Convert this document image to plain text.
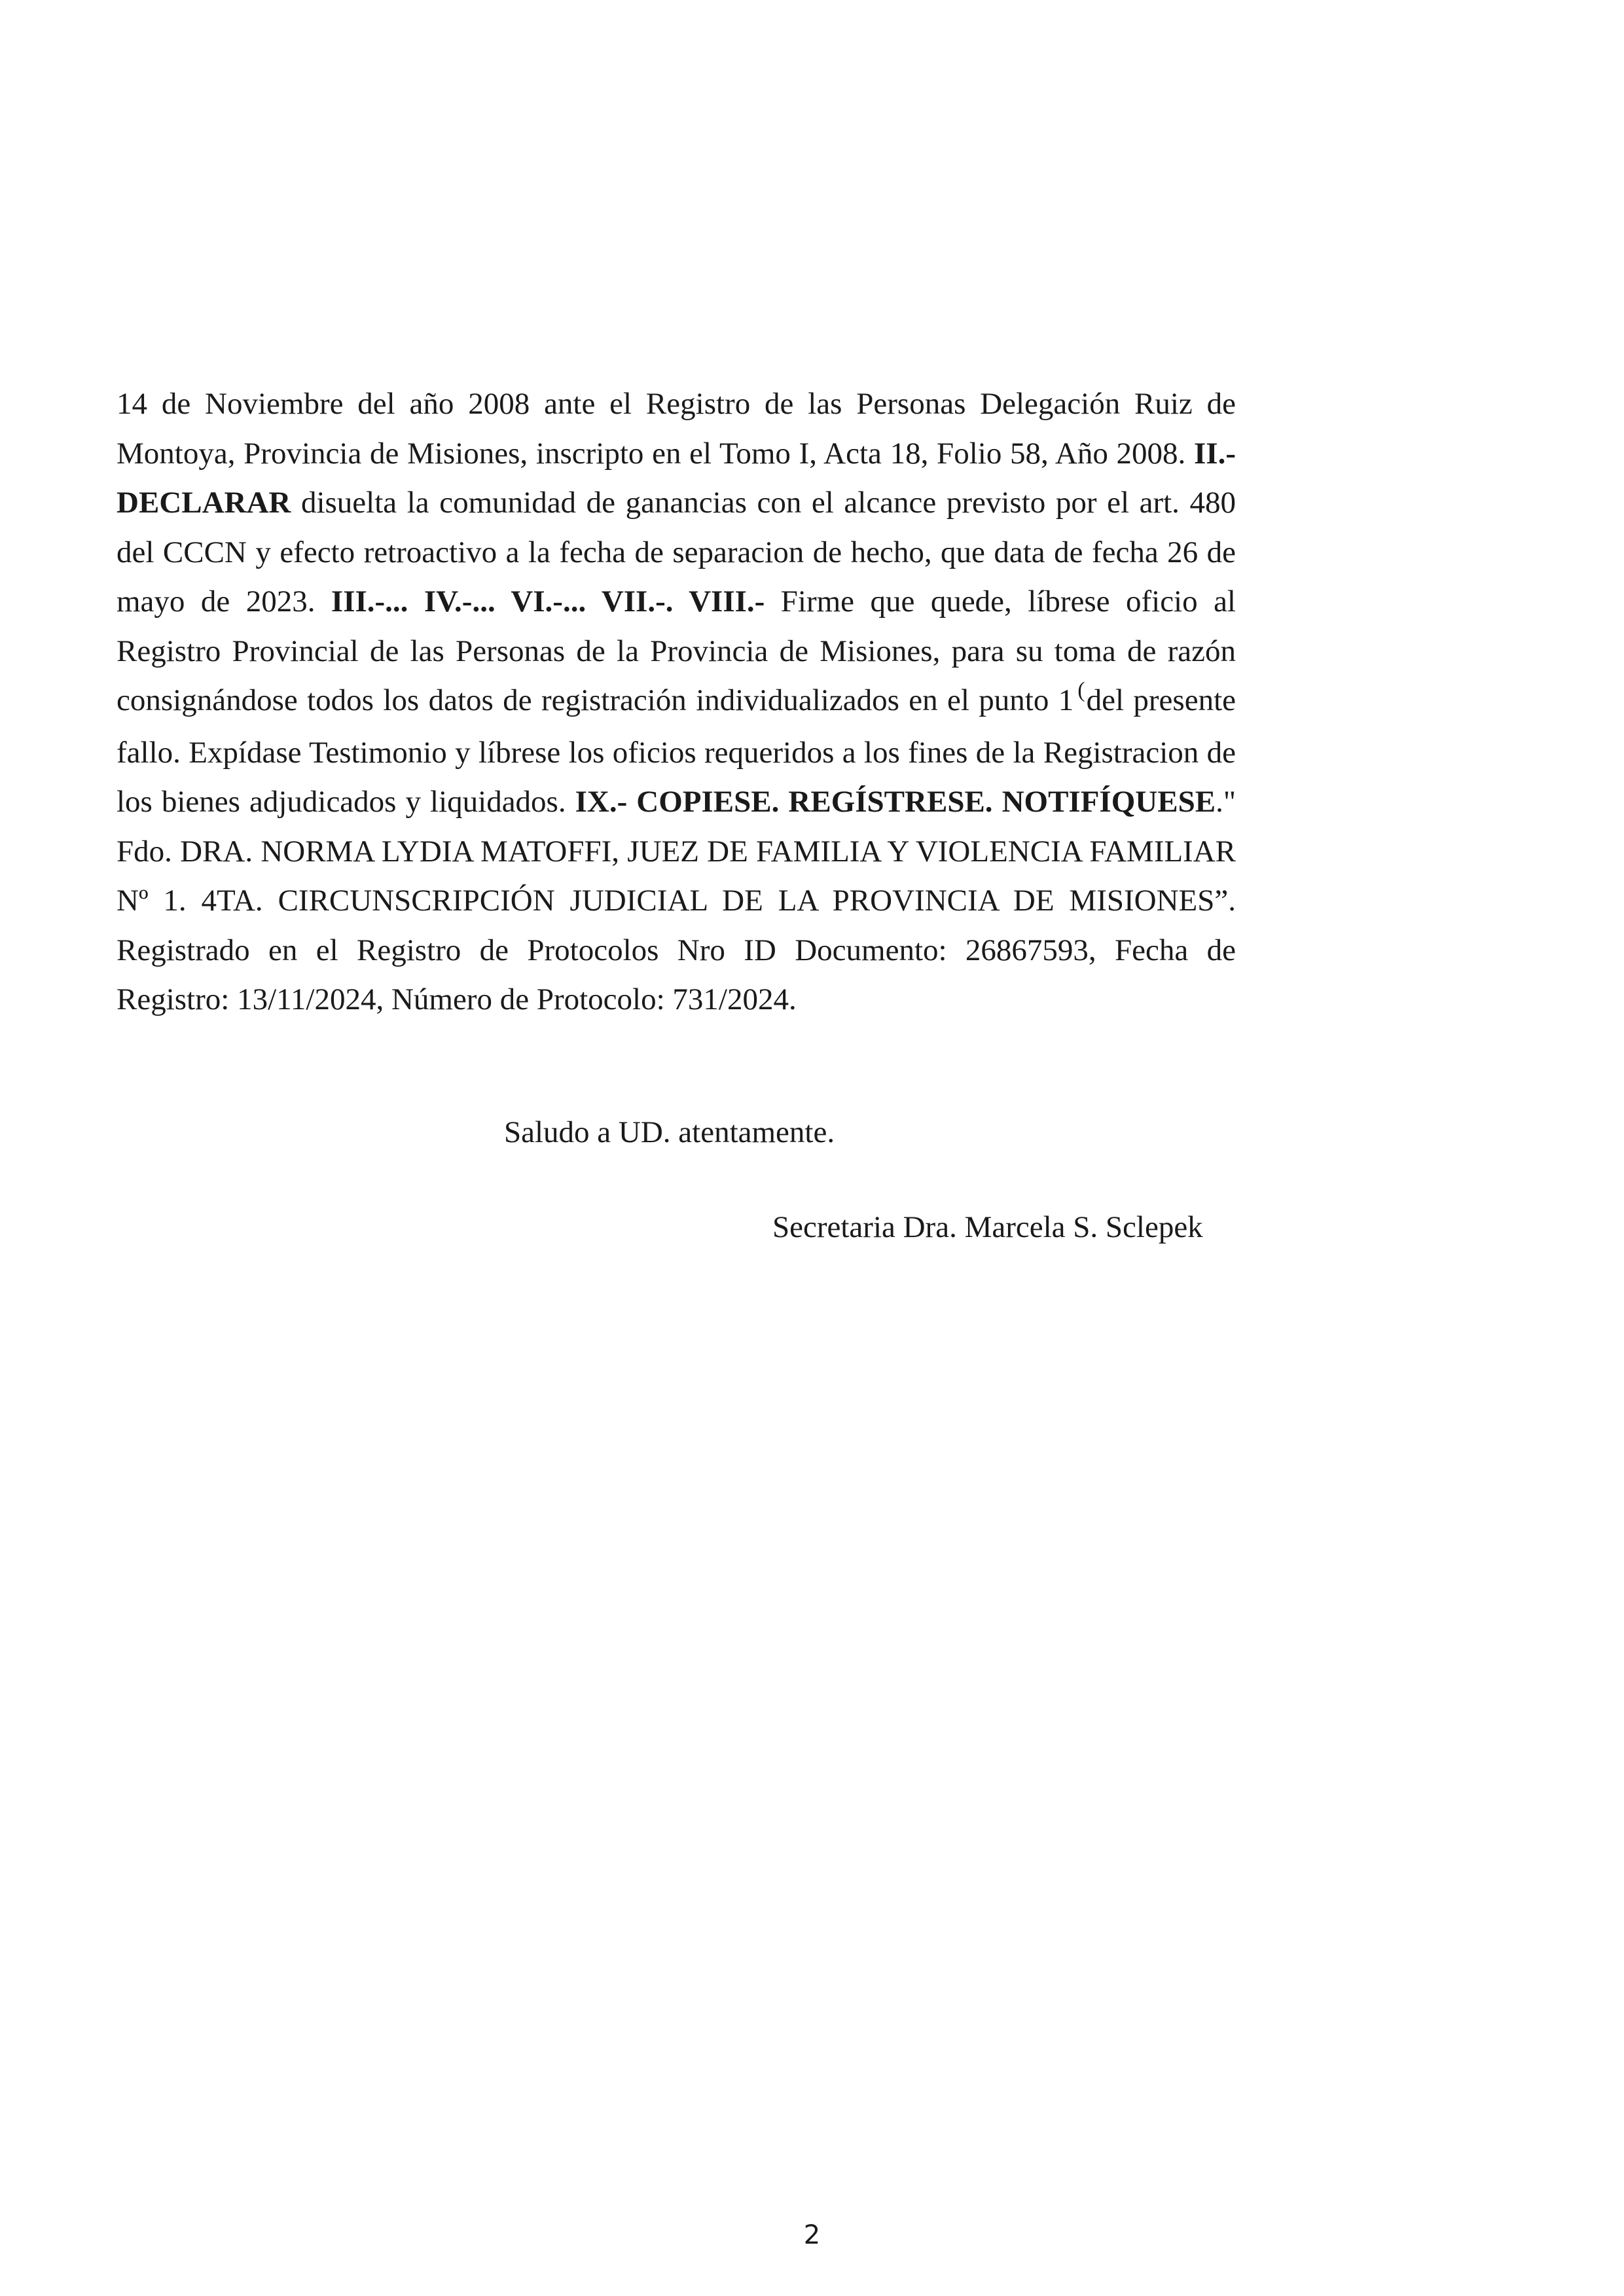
14 de Noviembre del año 2008 ante el Registro de las Personas Delegación Ruiz de Montoya, Provincia de Misiones, inscripto en el Tomo I, Acta 18, Folio 58, Año 2008. II.- DECLARAR disuelta la comunidad de ganancias con el alcance previsto por el art. 480 del CCCN y efecto retroactivo a la fecha de separacion de hecho, que data de fecha 26 de mayo de 2023. III.-... IV.-... VI.-... VII.-. VIII.- Firme que quede, líbrese oficio al Registro Provincial de las Personas de la Provincia de Misiones, para su toma de razón consignándose todos los datos de registración individualizados en el punto 1 (del presente fallo. Expídase Testimonio y líbrese los oficios requeridos a los fines de la Registracion de los bienes adjudicados y liquidados. IX.- COPIESE. REGÍSTRESE. NOTIFÍQUESE." Fdo. DRA. NORMA LYDIA MATOFFI, JUEZ DE FAMILIA Y VIOLENCIA FAMILIAR Nº 1. 4TA. CIRCUNSCRIPCIÓN JUDICIAL DE LA PROVINCIA DE MISIONES”. Registrado en el Registro de Protocolos Nro ID Documento: 26867593, Fecha de Registro: 13/11/2024, Número de Protocolo: 731/2024.

Saludo a UD. atentamente.

Secretaria Dra. Marcela S. Sclepek

2
